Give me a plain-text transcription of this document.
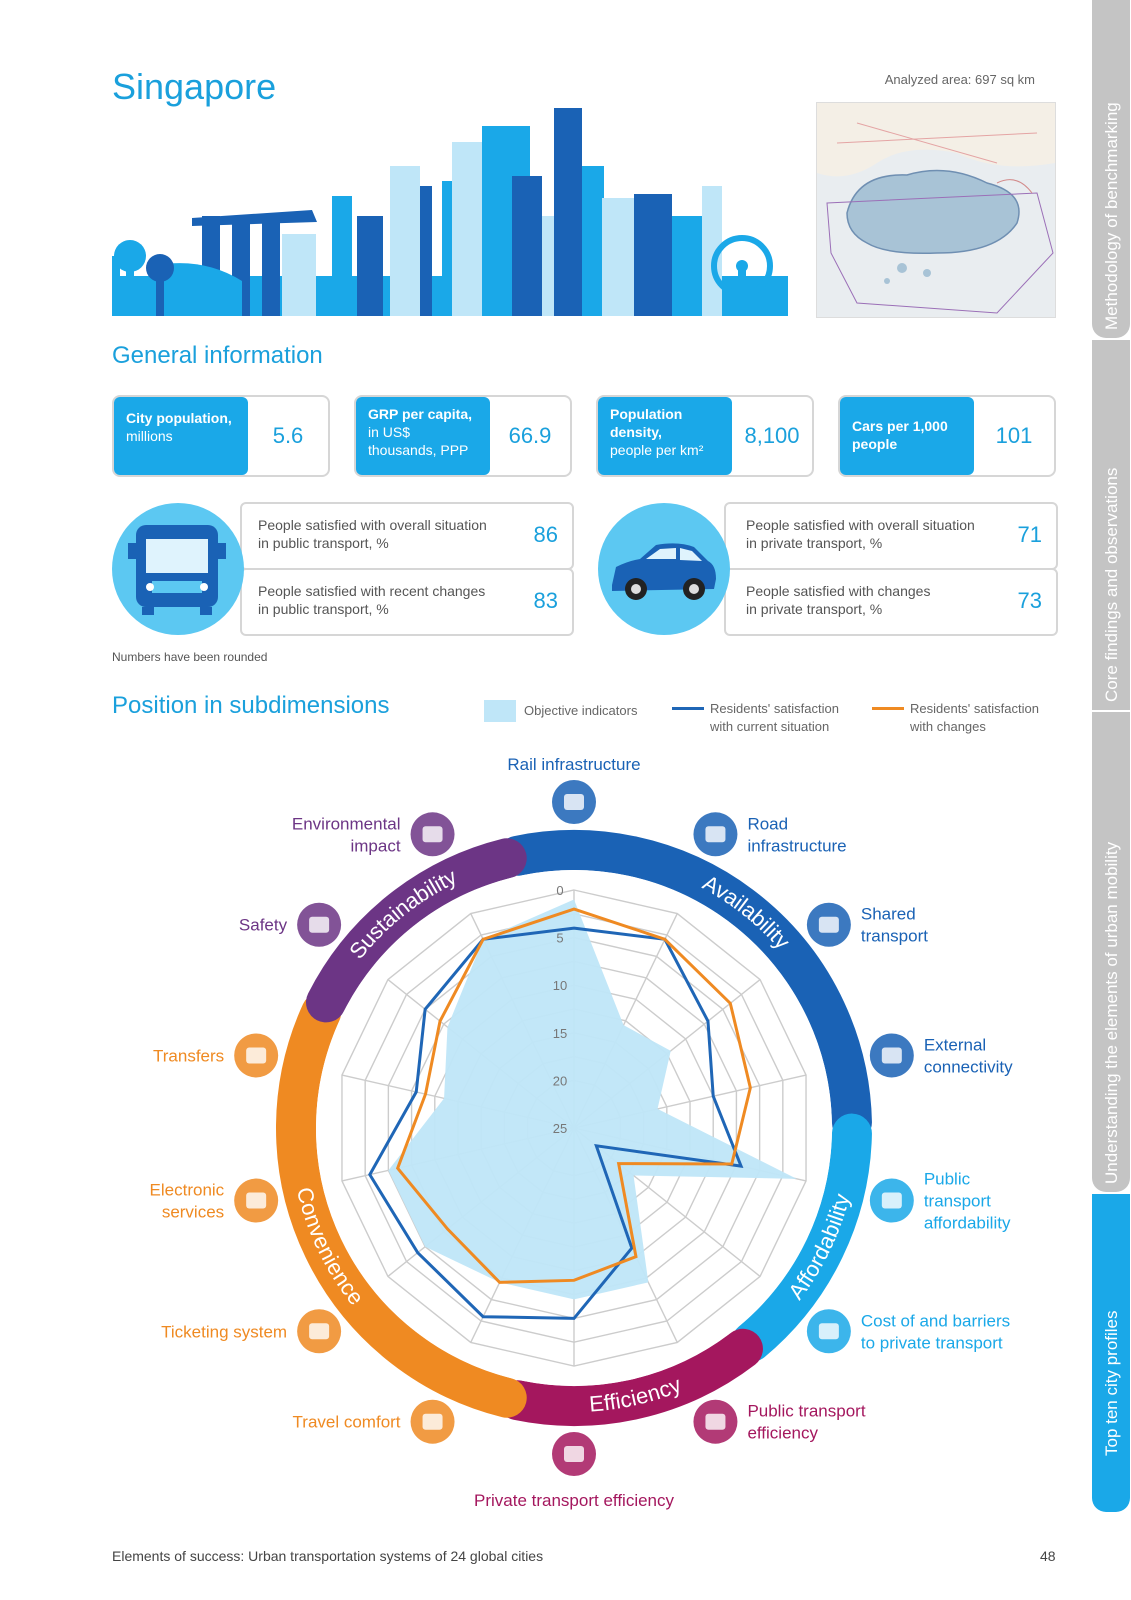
Singapore	Analyzed area: 697 sq km
General information
City population,
millions	5.6
GRP per capita, in US$ thousands, PPP
66.9
Population density,
people per km²
8,100	Cars per 1,000 people	101
People satisfied with overall situation
in public transport, %	86
People satisfied with recent changes
in public transport, %	83
People satisfied with overall situation
in private transport, %	71
People satisfied with changes
in private transport, %	73
Numbers have been rounded
Position in subdimensions	Objective indicators	Residents' satisfaction
with current situation
Residents' satisfaction
with changes
Availability
Affordability
Efficiency
Convenience
Sustainability	0
5
10
15
20
25
Rail infrastructure
Road infrastructure
Shared transport
External connectivity
Public transport affordability
Cost of and barriers to private transport
Public transport efficiency
Private transport efficiency
Travel comfort
Ticketing system
Electronic services
Transfers
Safety
Environmental impact
Methodology of benchmarking
Core findings and observations
Understanding the elements of urban mobility
Top ten city profiles
Elements of success: Urban transportation systems of 24 global cities	48
